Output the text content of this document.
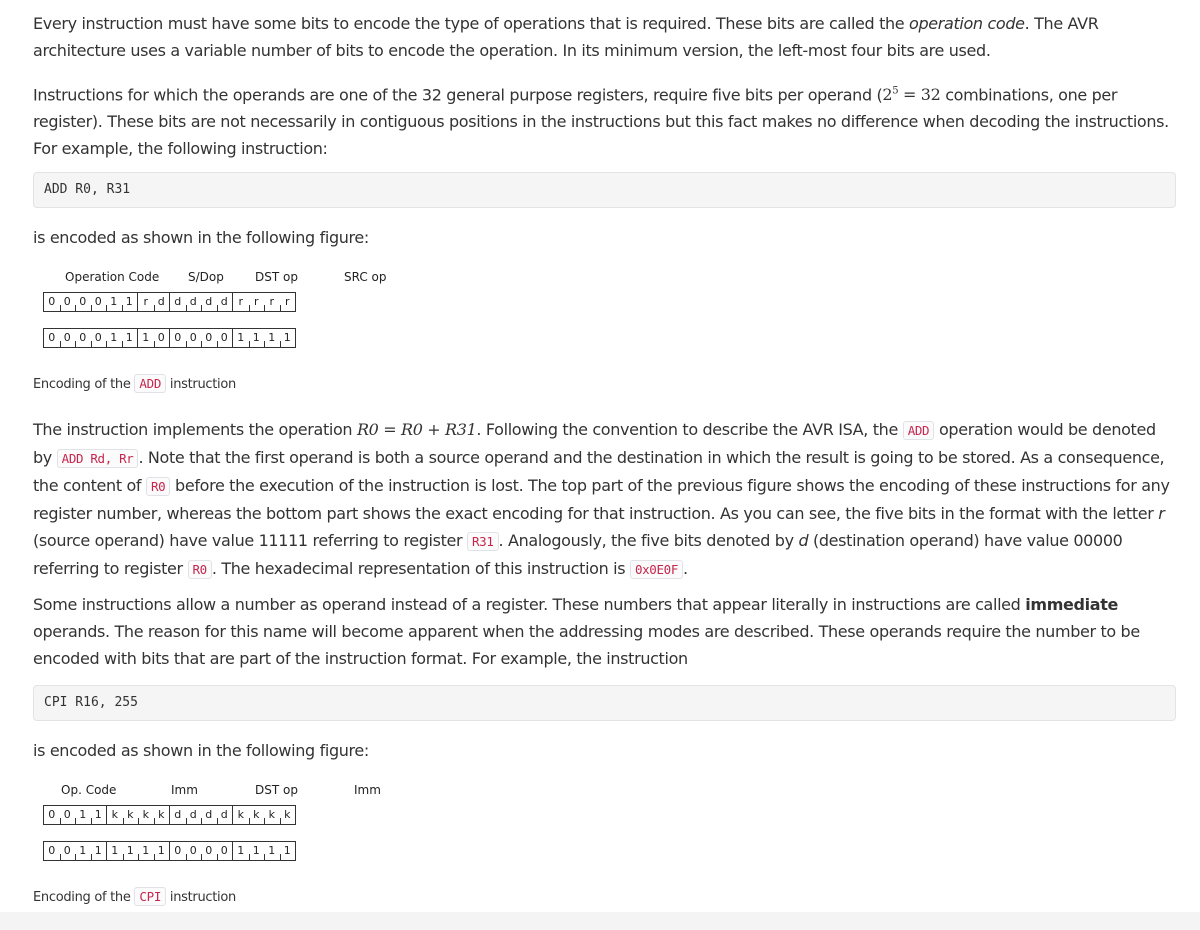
Every instruction must have some bits to encode the type of operations that is required. These bits are called the operation code. The AVR architecture uses a variable number of bits to encode the operation. In its minimum version, the left-most four bits are used.

Instructions for which the operands are one of the 32 general purpose registers, require five bits per operand ($2^5 = 32$ combinations, one per register). These bits are not necessarily in contiguous positions in the instructions but this fact makes no difference when decoding the instructions. For example, the following instruction:

ADD R0, R31

is encoded as shown in the following figure:

Operation Code S/Dop	DST op	SRC op
0 0 0 0 1 1 r d d d d d r r r r
0 0 0 0 1 1 1 0 0 0 0 0 1 1 1 1

Encoding of the ADD instruction

The instruction implements the operation R0 = R0 + R31. Following the convention to describe the AVR ISA, the ADD operation would be denoted by ADD Rd, Rr . Note that the first operand is both a source operand and the destination in which the result is going to be stored. As a consequence, the content of R0 before the execution of the instruction is lost. The top part of the previous figure shows the encoding of these instructions for any register number, whereas the bottom part shows the exact encoding for that instruction. As you can see, the five bits in the format with the letter r (source operand) have value 11111 referring to register R31 . Analogously, the five bits denoted by d (destination operand) have value 00000 referring to register R0 . The hexadecimal representation of this instruction is 0x0E0F .

Some instructions allow a number as operand instead of a register. These numbers that appear literally in instructions are called immediate operands. The reason for this name will become apparent when the addressing modes are described. These operands require the number to be encoded with bits that are part of the instruction format. For example, the instruction

CPI R16, 255

is encoded as shown in the following figure:

Op. Code	Imm	DST op	Imm
0 0 1 1 k k k k d d d d k k k k
0 0 1 1 1 1 1 1 0 0 0 0 1 1 1 1

Encoding of the CPI instruction
